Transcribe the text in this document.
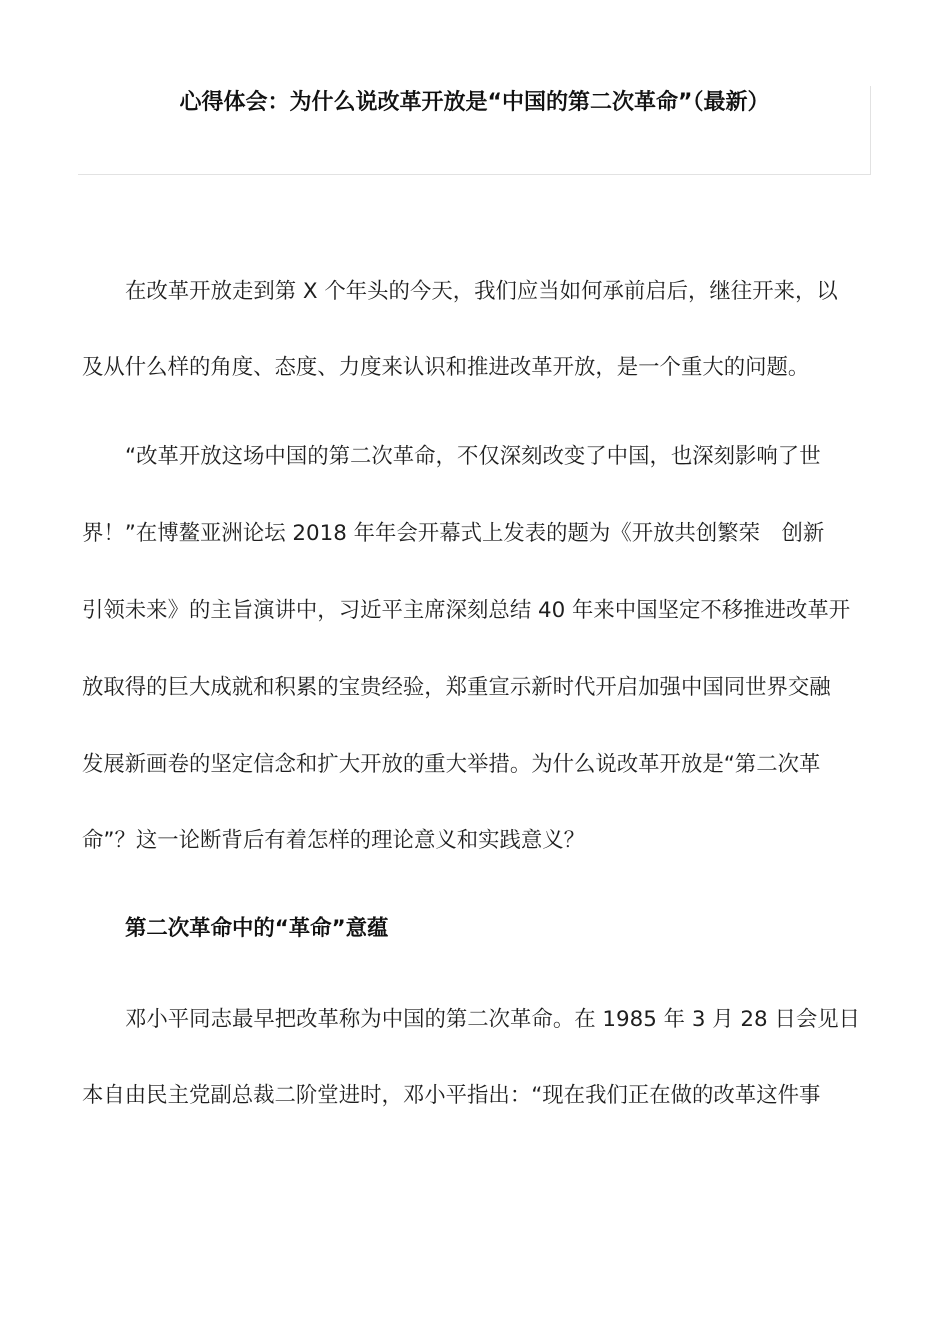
心得体会：为什么说改革开放是“中国的第二次革命”（最新）
在改革开放走到第 X 个年头的今天，我们应当如何承前启后，继往开来，以
及从什么样的角度、态度、力度来认识和推进改革开放，是一个重大的问题。
“改革开放这场中国的第二次革命，不仅深刻改变了中国，也深刻影响了世
界！”在博鳌亚洲论坛 2018 年年会开幕式上发表的题为《开放共创繁荣　创新
引领未来》的主旨演讲中，习近平主席深刻总结 40 年来中国坚定不移推进改革开
放取得的巨大成就和积累的宝贵经验，郑重宣示新时代开启加强中国同世界交融
发展新画卷的坚定信念和扩大开放的重大举措。为什么说改革开放是“第二次革
命”？这一论断背后有着怎样的理论意义和实践意义？
第二次革命中的“革命”意蕴
邓小平同志最早把改革称为中国的第二次革命。在 1985 年 3 月 28 日会见日
本自由民主党副总裁二阶堂进时，邓小平指出：“现在我们正在做的改革这件事
